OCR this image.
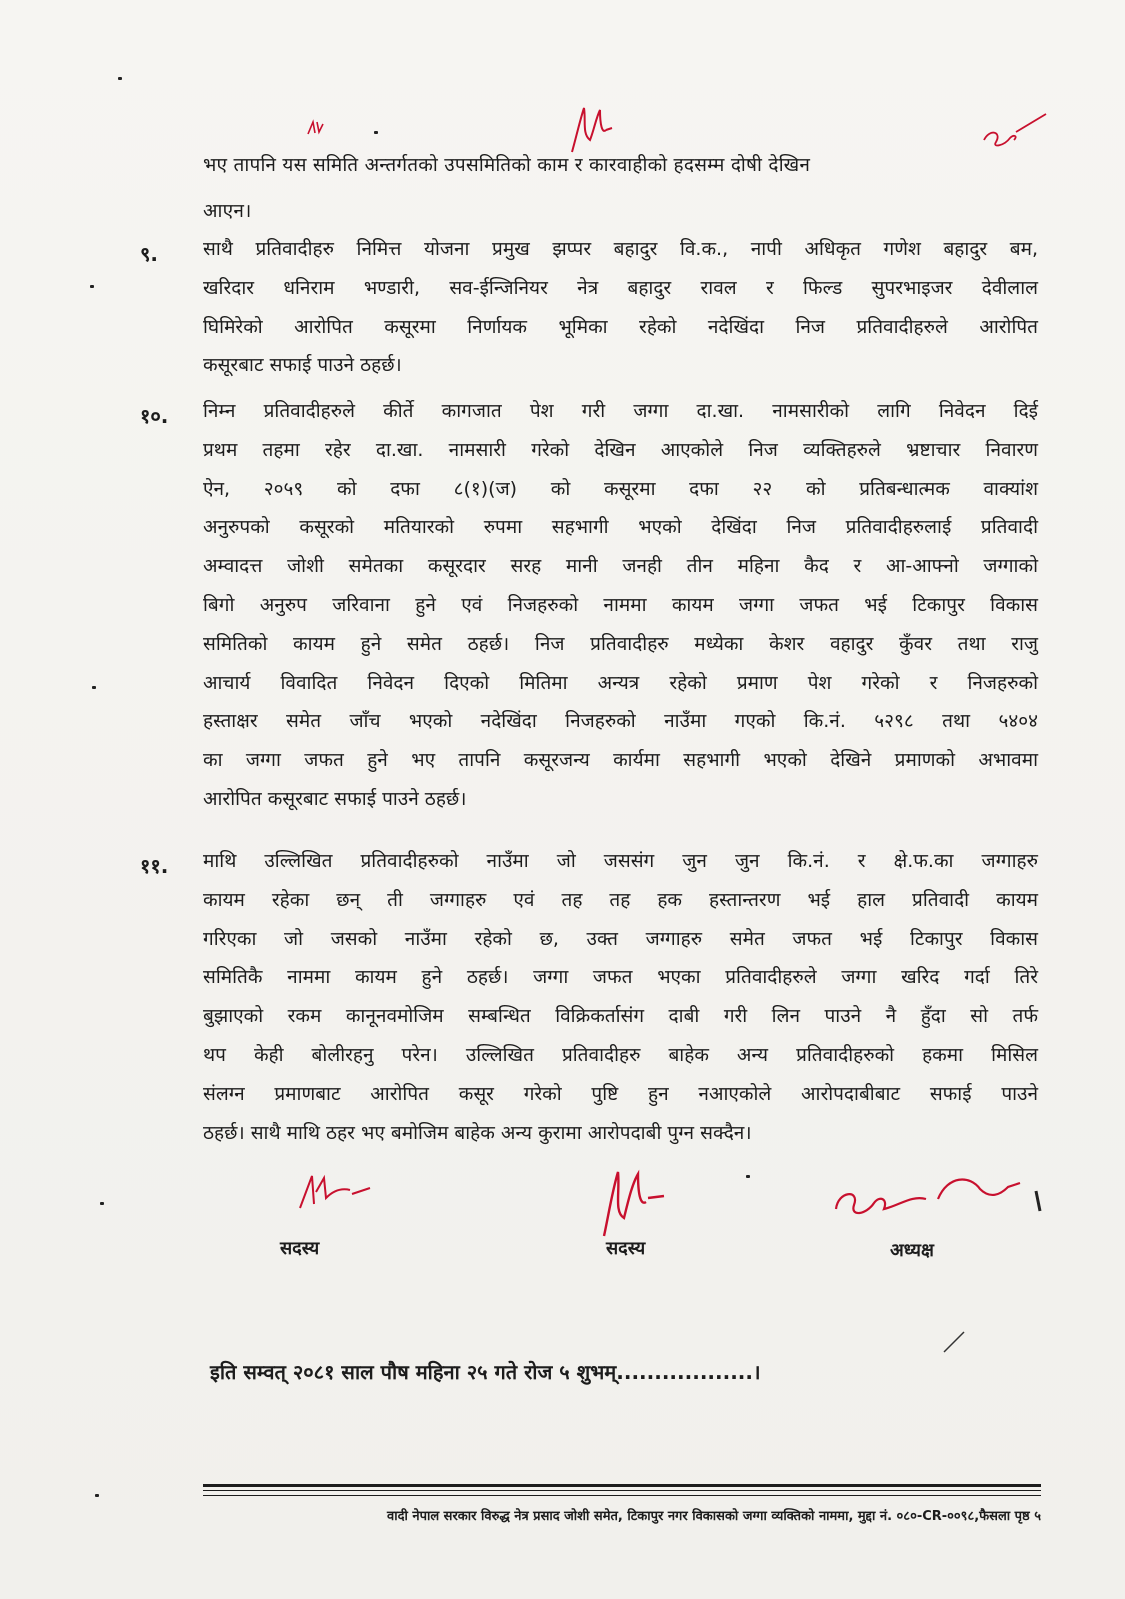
भए तापनि यस समिति अन्तर्गतको उपसमितिको काम र कारवाहीको हदसम्म दोषी देखिन
आएन।
९. साथै प्रतिवादीहरु निमित्त योजना प्रमुख झप्पर बहादुर वि.क., नापी अधिकृत गणेश बहादुर बम,
खरिदार धनिराम भण्डारी, सव-ईन्जिनियर नेत्र बहादुर रावल र फिल्ड सुपरभाइजर देवीलाल
घिमिरेको आरोपित कसूरमा निर्णायक भूमिका रहेको नदेखिंदा निज प्रतिवादीहरुले आरोपित
कसूरबाट सफाई पाउने ठहर्छ।
१०. निम्न प्रतिवादीहरुले कीर्ते कागजात पेश गरी जग्गा दा.खा. नामसारीको लागि निवेदन दिई
प्रथम तहमा रहेर दा.खा. नामसारी गरेको देखिन आएकोले निज व्यक्तिहरुले भ्रष्टाचार निवारण
ऐन, २०५९ को दफा ८(१)(ज) को कसूरमा दफा २२ को प्रतिबन्धात्मक वाक्यांश
अनुरुपको कसूरको मतियारको रुपमा सहभागी भएको देखिंदा निज प्रतिवादीहरुलाई प्रतिवादी
अम्वादत्त जोशी समेतका कसूरदार सरह मानी जनही तीन महिना कैद र आ-आफ्नो जग्गाको
बिगो अनुरुप जरिवाना हुने एवं निजहरुको नाममा कायम जग्गा जफत भई टिकापुर विकास
समितिको कायम हुने समेत ठहर्छ। निज प्रतिवादीहरु मध्येका केशर वहादुर कुँवर तथा राजु
आचार्य विवादित निवेदन दिएको मितिमा अन्यत्र रहेको प्रमाण पेश गरेको र निजहरुको
हस्ताक्षर समेत जाँच भएको नदेखिंदा निजहरुको नाउँमा गएको कि.नं. ५२९८ तथा ५४०४
का जग्गा जफत हुने भए तापनि कसूरजन्य कार्यमा सहभागी भएको देखिने प्रमाणको अभावमा
आरोपित कसूरबाट सफाई पाउने ठहर्छ।
११. माथि उल्लिखित प्रतिवादीहरुको नाउँमा जो जससंग जुन जुन कि.नं. र क्षे.फ.का जग्गाहरु
कायम रहेका छन् ती जग्गाहरु एवं तह तह हक हस्तान्तरण भई हाल प्रतिवादी कायम
गरिएका जो जसको नाउँमा रहेको छ, उक्त जग्गाहरु समेत जफत भई टिकापुर विकास
समितिकै नाममा कायम हुने ठहर्छ। जग्गा जफत भएका प्रतिवादीहरुले जग्गा खरिद गर्दा तिरे
बुझाएको रकम कानूनवमोजिम सम्बन्धित विक्रिकर्तासंग दाबी गरी लिन पाउने नै हुँदा सो तर्फ
थप केही बोलीरहनु परेन। उल्लिखित प्रतिवादीहरु बाहेक अन्य प्रतिवादीहरुको हकमा मिसिल
संलग्न प्रमाणबाट आरोपित कसूर गरेको पुष्टि हुन नआएकोले आरोपदाबीबाट सफाई पाउने
ठहर्छ। साथै माथि ठहर भए बमोजिम बाहेक अन्य कुरामा आरोपदाबी पुग्न सक्दैन।
सदस्य	सदस्य	अध्यक्ष
इति सम्वत् २०८१ साल पौष महिना २५ गते रोज ५ शुभम्..................।
वादी नेपाल सरकार विरुद्ध नेत्र प्रसाद जोशी समेत, टिकापुर नगर विकासको जग्गा व्यक्तिको नाममा, मुद्दा नं. ०८०-CR-००९८,फैसला पृष्ठ ५
